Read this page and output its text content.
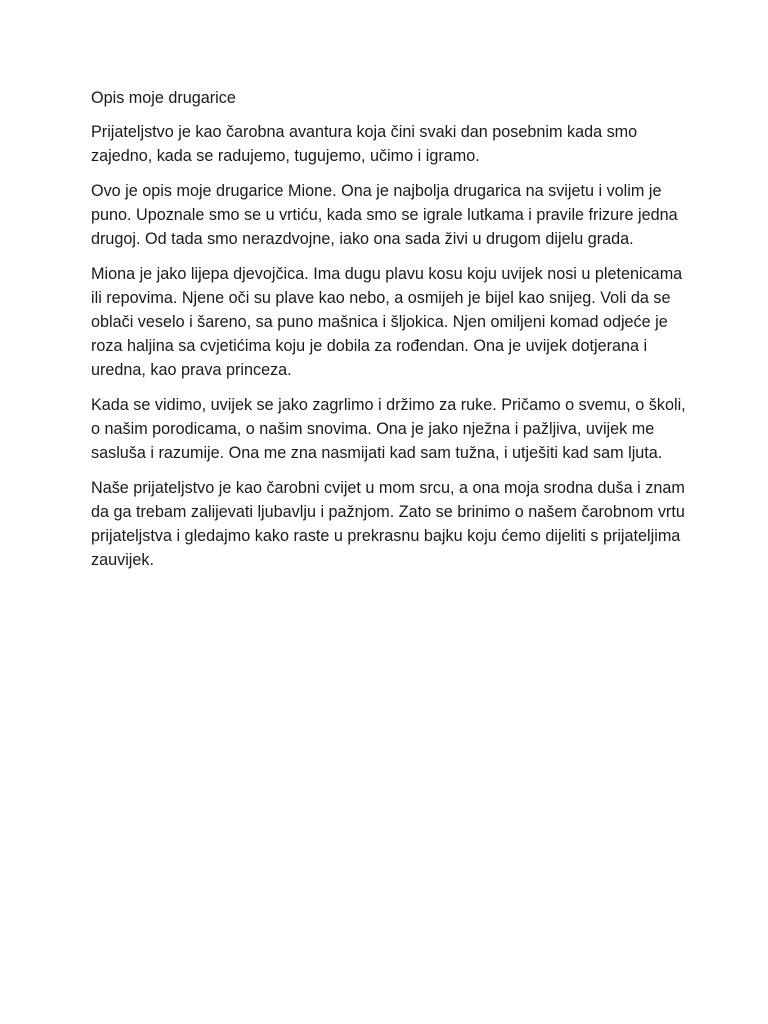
Opis moje drugarice

Prijateljstvo je kao čarobna avantura koja čini svaki dan posebnim kada smo zajedno, kada se radujemo, tugujemo, učimo i igramo.

Ovo je opis moje drugarice Mione. Ona je najbolja drugarica na svijetu i volim je puno. Upoznale smo se u vrtiću, kada smo se igrale lutkama i pravile frizure jedna drugoj. Od tada smo nerazdvojne, iako ona sada živi u drugom dijelu grada.

Miona je jako lijepa djevojčica. Ima dugu plavu kosu koju uvijek nosi u pletenicama ili repovima. Njene oči su plave kao nebo, a osmijeh je bijel kao snijeg. Voli da se oblači veselo i šareno, sa puno mašnica i šljokica. Njen omiljeni komad odjeće je roza haljina sa cvjetićima koju je dobila za rođendan. Ona je uvijek dotjerana i uredna, kao prava princeza.

Kada se vidimo, uvijek se jako zagrlimo i držimo za ruke. Pričamo o svemu, o školi, o našim porodicama, o našim snovima. Ona je jako nježna i pažljiva, uvijek me sasluša i razumije. Ona me zna nasmijati kad sam tužna, i utješiti kad sam ljuta.

Naše prijateljstvo je kao čarobni cvijet u mom srcu, a ona moja srodna duša i znam da ga trebam zalijevati ljubavlju i pažnjom. Zato se brinimo o našem čarobnom vrtu prijateljstva i gledajmo kako raste u prekrasnu bajku koju ćemo dijeliti s prijateljima zauvijek.
